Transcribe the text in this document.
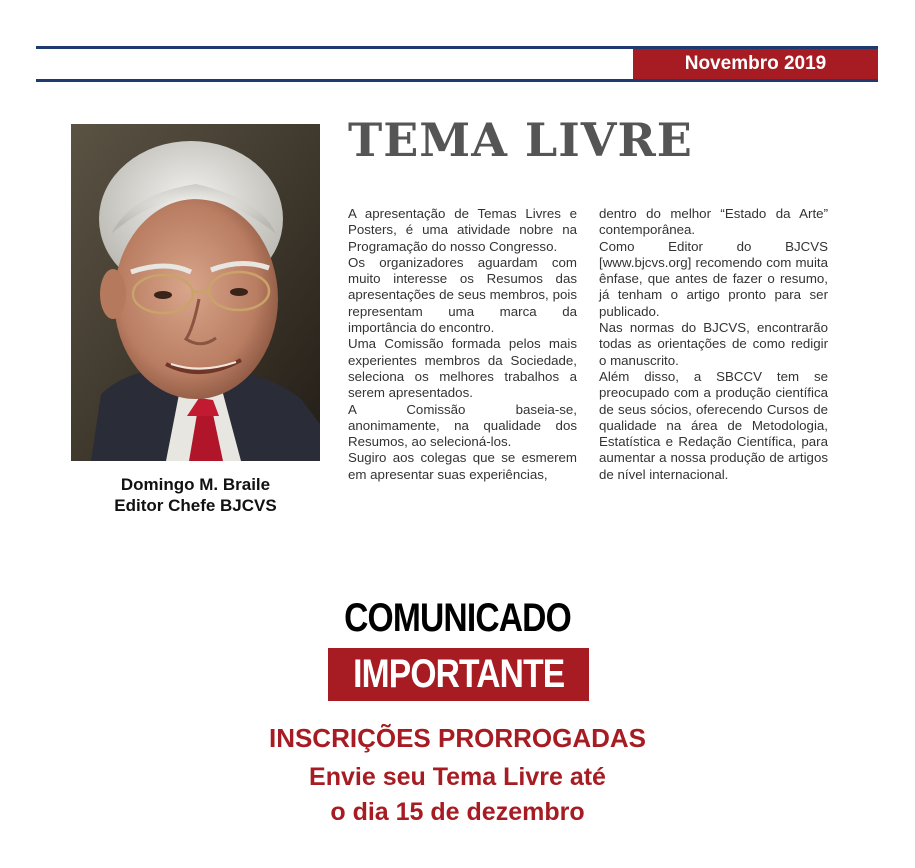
Novembro 2019
Domingo M. Braile
Editor Chefe BJCVS
TEMA LIVRE

A apresentação de Temas Livres e Posters, é uma atividade nobre na Programação do nosso Congresso.

Os organizadores aguardam com muito interesse os Resumos das apresentações de seus membros, pois representam uma marca da importância do encontro.

Uma Comissão formada pelos mais experientes membros da Sociedade, seleciona os melhores trabalhos a serem apresentados.

A Comissão baseia-se, anonimamente, na qualidade dos Resumos, ao selecioná-los.

Sugiro aos colegas que se esmerem em apresentar suas experiências,

dentro do melhor “Estado da Arte” contemporânea.

Como Editor do BJCVS [www.bjcvs.org] recomendo com muita ênfase, que antes de fazer o resumo, já tenham o artigo pronto para ser publicado.

Nas normas do BJCVS, encontrarão todas as orientações de como redigir o manuscrito.

Além disso, a SBCCV tem se preocupado com a produção científica de seus sócios, oferecendo Cursos de qualidade na área de Metodologia, Estatística e Redação Científica, para aumentar a nossa produção de artigos de nível internacional.

COMUNICADO
IMPORTANTE
INSCRIÇÕES PRORROGADAS
Envie seu Tema Livre até
o dia 15 de dezembro
